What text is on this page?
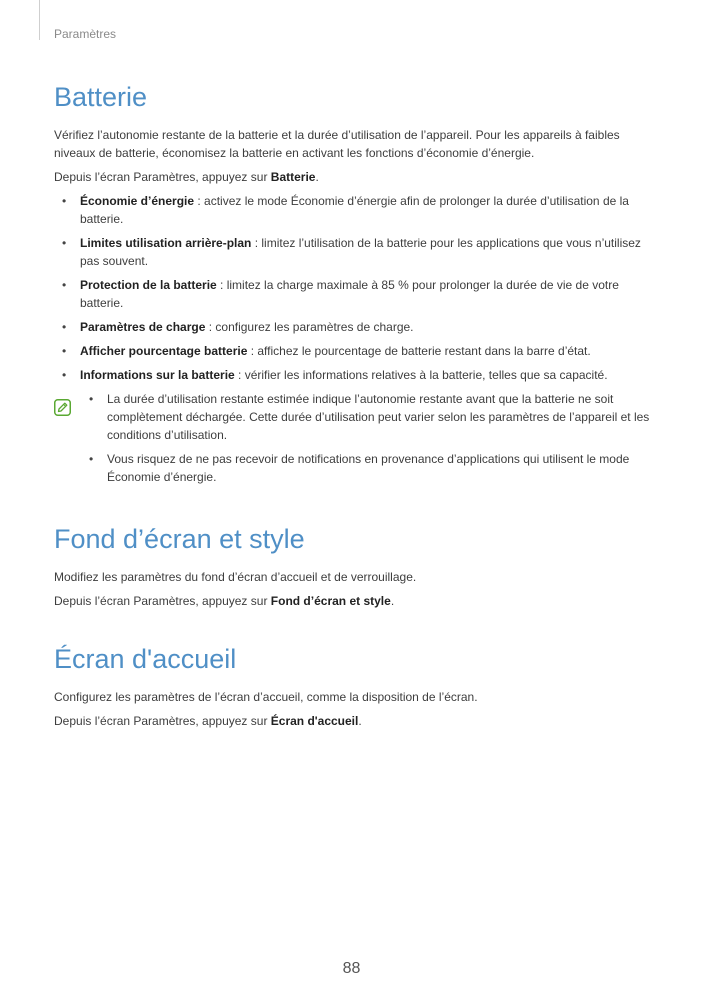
Paramètres
Batterie

Vérifiez l’autonomie restante de la batterie et la durée d’utilisation de l’appareil. Pour les appareils à faibles niveaux de batterie, économisez la batterie en activant les fonctions d’économie d’énergie.

Depuis l’écran Paramètres, appuyez sur Batterie.

• Économie d’énergie : activez le mode Économie d’énergie afin de prolonger la durée d’utilisation de la batterie.
• Limites utilisation arrière-plan : limitez l’utilisation de la batterie pour les applications que vous n’utilisez pas souvent.
• Protection de la batterie : limitez la charge maximale à 85 % pour prolonger la durée de vie de votre batterie.
• Paramètres de charge : configurez les paramètres de charge.
• Afficher pourcentage batterie : affichez le pourcentage de batterie restant dans la barre d’état.
• Informations sur la batterie : vérifier les informations relatives à la batterie, telles que sa capacité.
• La durée d’utilisation restante estimée indique l’autonomie restante avant que la batterie ne soit complètement déchargée. Cette durée d’utilisation peut varier selon les paramètres de l’appareil et les conditions d’utilisation.
• Vous risquez de ne pas recevoir de notifications en provenance d’applications qui utilisent le mode Économie d’énergie.
Fond d’écran et style

Modifiez les paramètres du fond d’écran d’accueil et de verrouillage.

Depuis l’écran Paramètres, appuyez sur Fond d’écran et style.

Écran d'accueil

Configurez les paramètres de l’écran d’accueil, comme la disposition de l’écran.

Depuis l’écran Paramètres, appuyez sur Écran d'accueil.

88
